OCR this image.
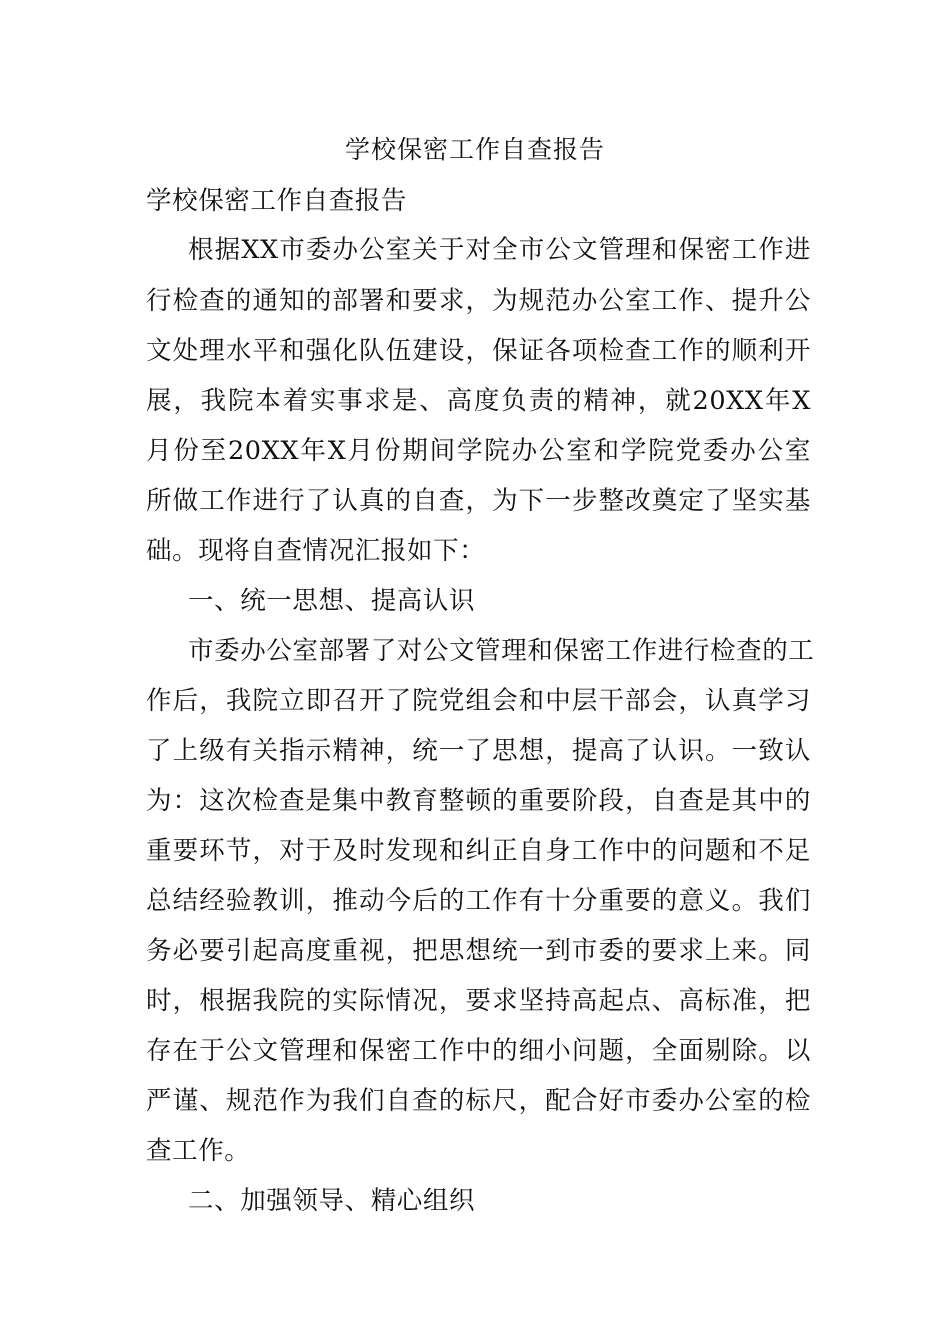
学校保密工作自查报告
学校保密工作自查报告
根据XX市委办公室关于对全市公文管理和保密工作进
行检查的通知的部署和要求，为规范办公室工作、提升公
文处理水平和强化队伍建设，保证各项检查工作的顺利开
展，我院本着实事求是、高度负责的精神，就20XX年X
月份至20XX年X月份期间学院办公室和学院党委办公室
所做工作进行了认真的自查，为下一步整改奠定了坚实基
础。现将自查情况汇报如下：
一、统一思想、提高认识
市委办公室部署了对公文管理和保密工作进行检查的工
作后，我院立即召开了院党组会和中层干部会，认真学习
了上级有关指示精神，统一了思想，提高了认识。一致认
为：这次检查是集中教育整顿的重要阶段，自查是其中的
重要环节，对于及时发现和纠正自身工作中的问题和不足
总结经验教训，推动今后的工作有十分重要的意义。我们
务必要引起高度重视，把思想统一到市委的要求上来。同
时，根据我院的实际情况，要求坚持高起点、高标准，把
存在于公文管理和保密工作中的细小问题，全面剔除。以
严谨、规范作为我们自查的标尺，配合好市委办公室的检
查工作。
二、加强领导、精心组织
